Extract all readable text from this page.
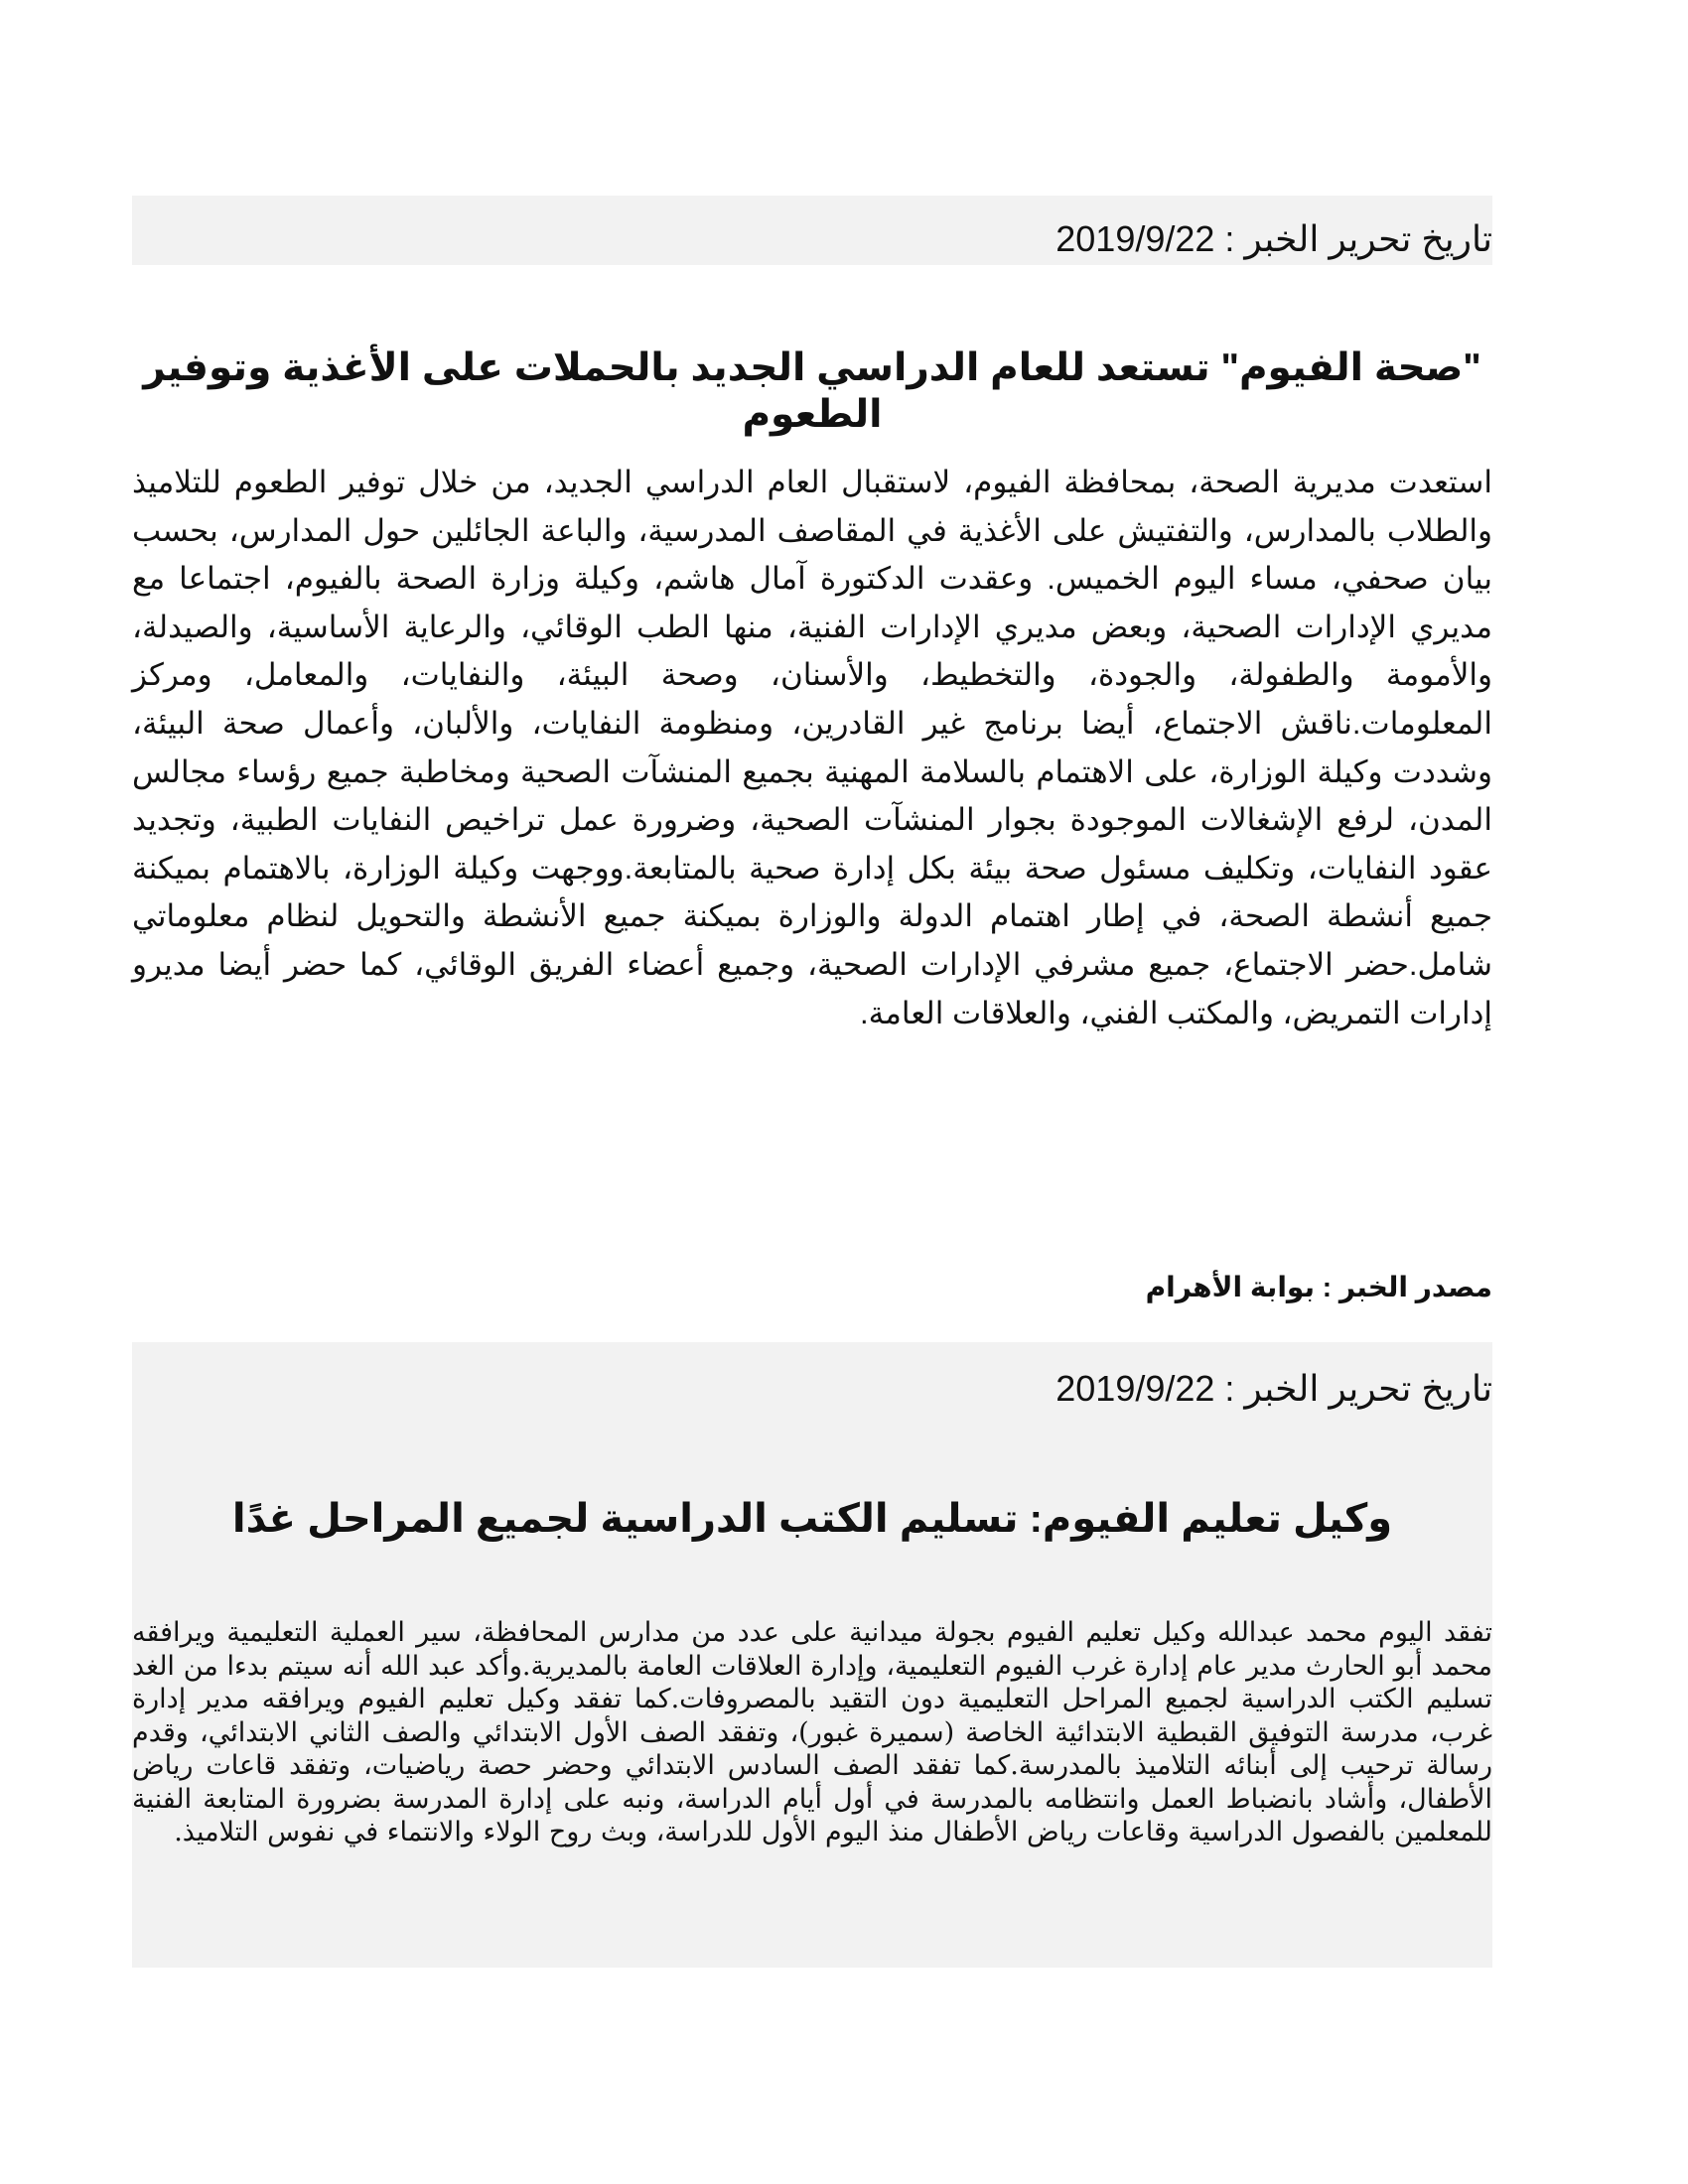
تاريخ تحرير الخبر : 2019/9/22
"صحة الفيوم" تستعد للعام الدراسي الجديد بالحملات على الأغذية وتوفير الطعوم

استعدت مديرية الصحة، بمحافظة الفيوم، لاستقبال العام الدراسي الجديد، من خلال توفير الطعوم للتلاميذ والطلاب بالمدارس، والتفتيش على الأغذية في المقاصف المدرسية، والباعة الجائلين حول المدارس، بحسب بيان صحفي، مساء اليوم الخميس. وعقدت الدكتورة آمال هاشم، وكيلة وزارة الصحة بالفيوم، اجتماعا مع مديري الإدارات الصحية، وبعض مديري الإدارات الفنية، منها الطب الوقائي، والرعاية الأساسية، والصيدلة، والأمومة والطفولة، والجودة، والتخطيط، والأسنان، وصحة البيئة، والنفايات، والمعامل، ومركز المعلومات.ناقش الاجتماع، أيضا برنامج غير القادرين، ومنظومة النفايات، والألبان، وأعمال صحة البيئة، وشددت وكيلة الوزارة، على الاهتمام بالسلامة المهنية بجميع المنشآت الصحية ومخاطبة جميع رؤساء مجالس المدن، لرفع الإشغالات الموجودة بجوار المنشآت الصحية، وضرورة عمل تراخيص النفايات الطبية، وتجديد عقود النفايات، وتكليف مسئول صحة بيئة بكل إدارة صحية بالمتابعة.ووجهت وكيلة الوزارة، بالاهتمام بميكنة جميع أنشطة الصحة، في إطار اهتمام الدولة والوزارة بميكنة جميع الأنشطة والتحويل لنظام معلوماتي شامل.حضر الاجتماع، جميع مشرفي الإدارات الصحية، وجميع أعضاء الفريق الوقائي، كما حضر أيضا مديرو إدارات التمريض، والمكتب الفني، والعلاقات العامة.

مصدر الخبر : بوابة الأهرام
تاريخ تحرير الخبر : 2019/9/22
وكيل تعليم الفيوم: تسليم الكتب الدراسية لجميع المراحل غدًا

تفقد اليوم محمد عبدالله وكيل تعليم الفيوم بجولة ميدانية على عدد من مدارس المحافظة، سير العملية التعليمية ويرافقه محمد أبو الحارث مدير عام إدارة غرب الفيوم التعليمية، وإدارة العلاقات العامة بالمديرية.وأكد عبد الله أنه سيتم بدءا من الغد تسليم الكتب الدراسية لجميع المراحل التعليمية دون التقيد بالمصروفات.كما تفقد وكيل تعليم الفيوم ويرافقه مدير إدارة غرب، مدرسة التوفيق القبطية الابتدائية الخاصة (سميرة غبور)، وتفقد الصف الأول الابتدائي والصف الثاني الابتدائي، وقدم رسالة ترحيب إلى أبنائه التلاميذ بالمدرسة.كما تفقد الصف السادس الابتدائي وحضر حصة رياضيات، وتفقد قاعات رياض الأطفال، وأشاد بانضباط العمل وانتظامه بالمدرسة في أول أيام الدراسة، ونبه على إدارة المدرسة بضرورة المتابعة الفنية للمعلمين بالفصول الدراسية وقاعات رياض الأطفال منذ اليوم الأول للدراسة، وبث روح الولاء والانتماء في نفوس التلاميذ.
